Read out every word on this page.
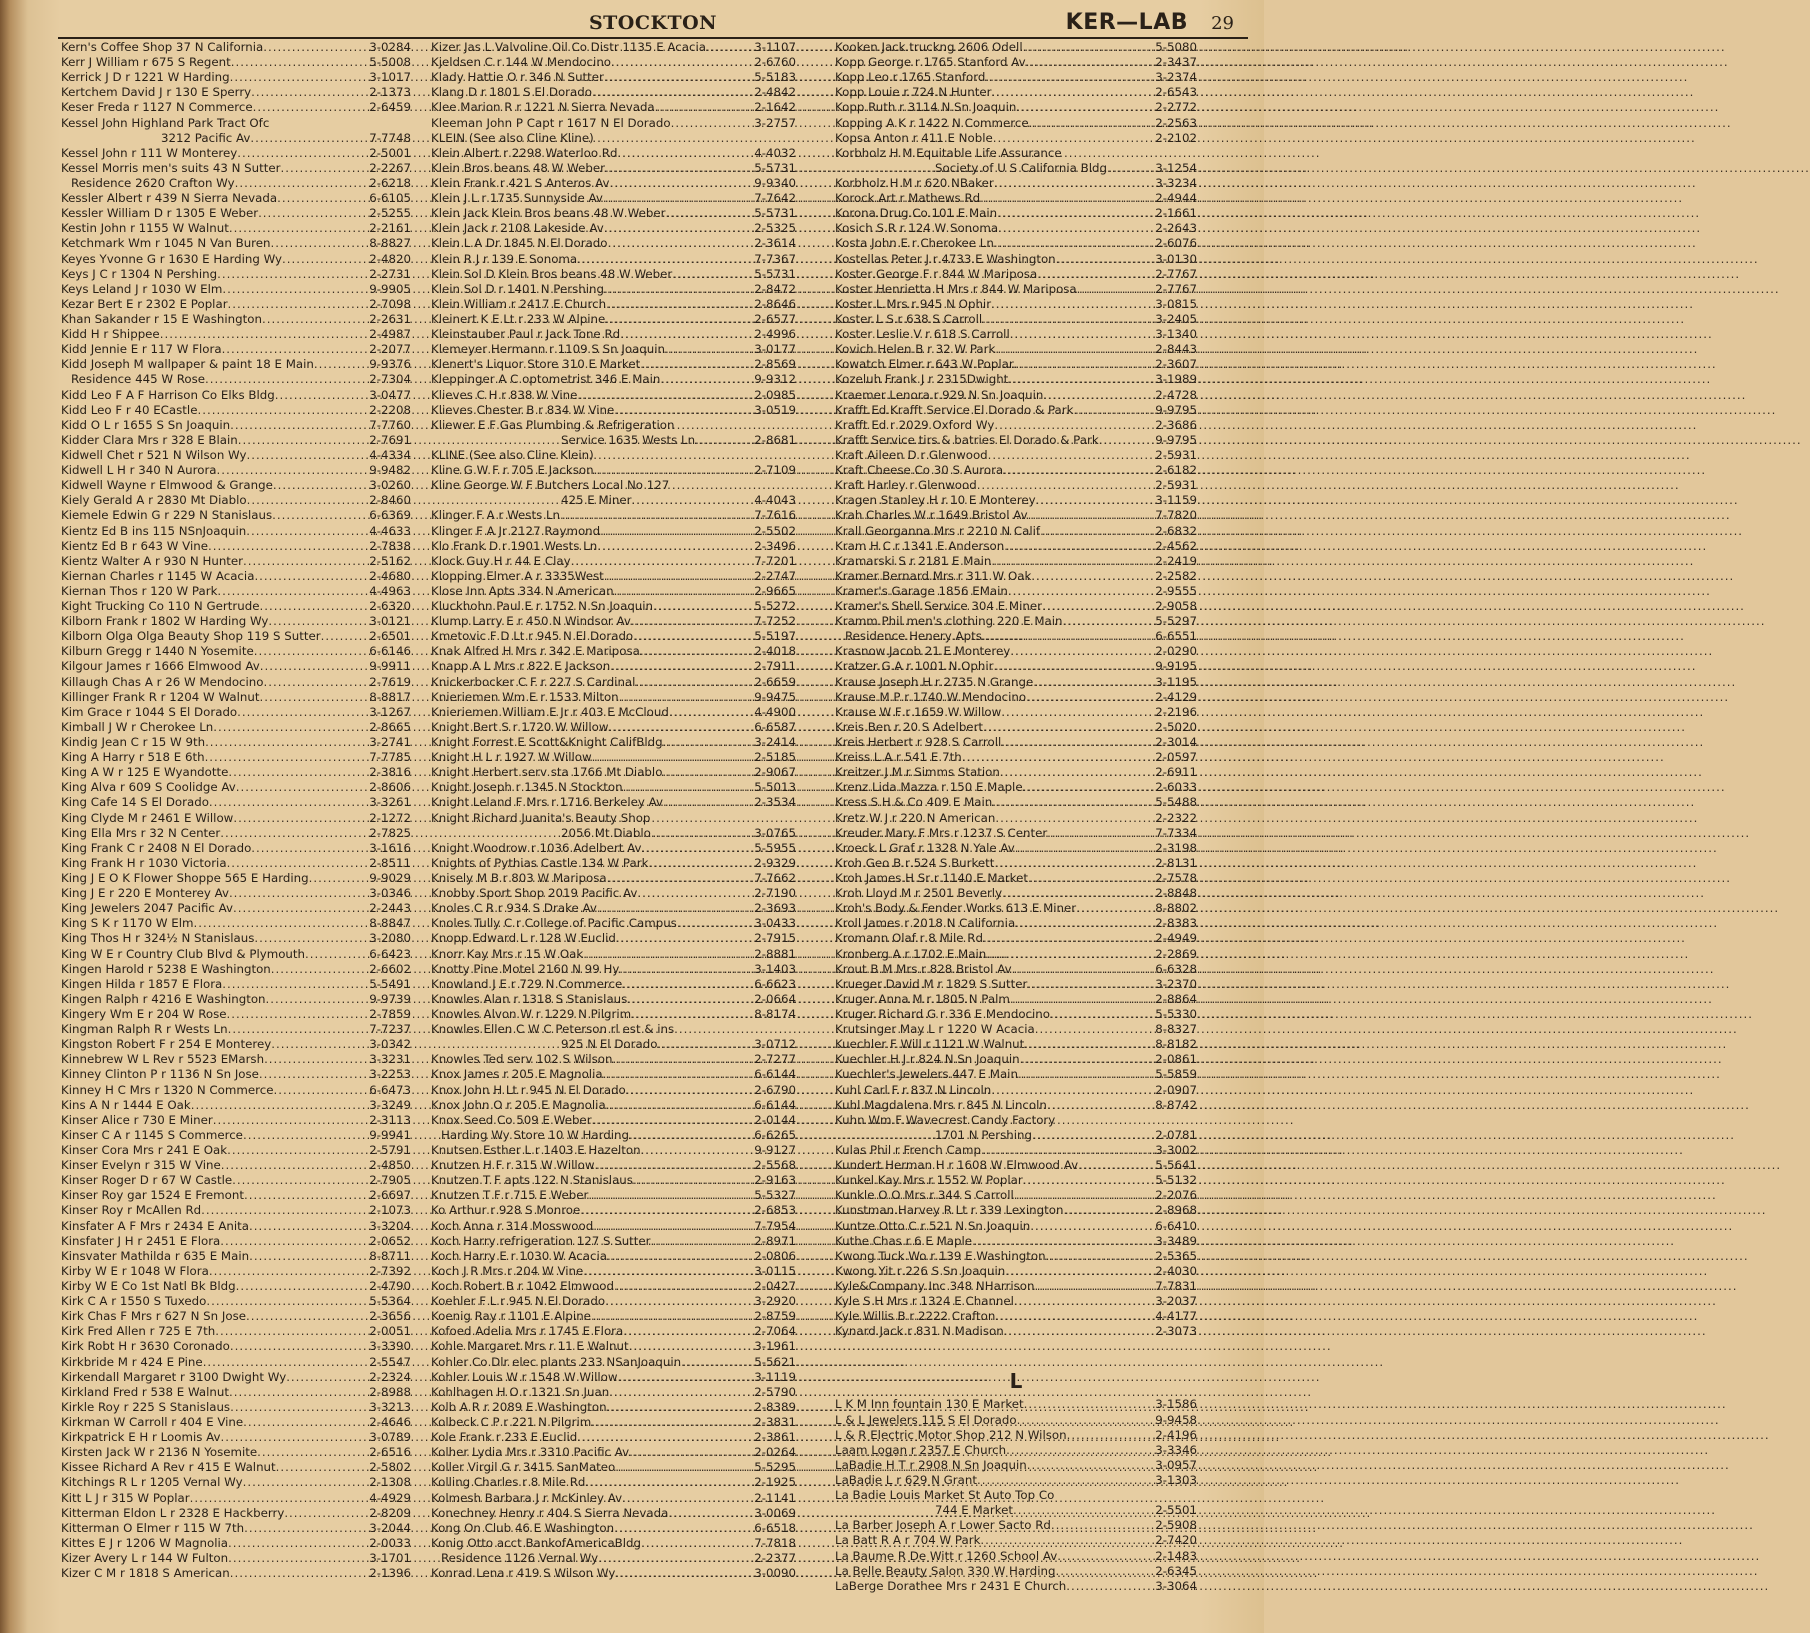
STOCKTON	KER—LAB 29
Kern's Coffee Shop 37 N California .....	3-0284
Kerr J William r 675 S Regent .....	5-5008
Kerrick J D r 1221 W Harding .....	3-1017
Kertchem David J r 130 E Sperry .....	2-1373
Keser Freda r 1127 N Commerce .....	2-6459
Kessel John Highland Park Tract Ofc
3212 Pacific Av .....	7-7748
Kessel John r 111 W Monterey .....	2-5001
Kessel Morris men's suits 43 N Sutter .....	2-2267
Residence 2620 Crafton Wy .....	2-6218
Kessler Albert r 439 N Sierra Nevada .....	6-6105
Kessler William D r 1305 E Weber .....	2-5255
Kestin John r 1155 W Walnut .....	2-2161
Ketchmark Wm r 1045 N Van Buren .....	8-8827
Keyes Yvonne G r 1630 E Harding Wy .....	2-4820
Keys J C r 1304 N Pershing .....	2-2731
Keys Leland J r 1030 W Elm .....	9-9905
Kezar Bert E r 2302 E Poplar .....	2-7098
Khan Sakander r 15 E Washington .....	2-2631
Kidd H r Shippee .....	2-4987
Kidd Jennie E r 117 W Flora .....	2-2077
Kidd Joseph M wallpaper & paint 18 E Main .....	9-9376
Residence 445 W Rose .....	2-7304
Kidd Leo F A F Harrison Co Elks Bldg .....	3-0477
Kidd Leo F r 40 ECastle .....	2-2208
Kidd O L r 1655 S Sn Joaquin .....	7-7760
Kidder Clara Mrs r 328 E Blain .....	2-7691
Kidwell Chet r 521 N Wilson Wy .....	4-4334
Kidwell L H r 340 N Aurora .....	9-9482
Kidwell Wayne r Elmwood & Grange .....	3-0260
Kiely Gerald A r 2830 Mt Diablo .....	2-8460
Kiemele Edwin G r 229 N Stanislaus .....	6-6369
Kientz Ed B ins 115 NSnJoaquin .....	4-4633
Kientz Ed B r 643 W Vine .....	2-7838
Kientz Walter A r 930 N Hunter .....	2-5162
Kiernan Charles r 1145 W Acacia .....	2-4680
Kiernan Thos r 120 W Park .....	4-4963
Kight Trucking Co 110 N Gertrude .....	2-6320
Kilborn Frank r 1802 W Harding Wy .....	3-0121
Kilborn Olga Olga Beauty Shop 119 S Sutter .....	2-6501
Kilburn Gregg r 1440 N Yosemite .....	6-6146
Kilgour James r 1666 Elmwood Av .....	9-9911
Killaugh Chas A r 26 W Mendocino .....	2-7619
Killinger Frank R r 1204 W Walnut .....	8-8817
Kim Grace r 1044 S El Dorado .....	3-1267
Kimball J W r Cherokee Ln .....	2-8665
Kindig Jean C r 15 W 9th .....	3-2741
King A Harry r 518 E 6th .....	7-7785
King A W r 125 E Wyandotte .....	2-3816
King Alva r 609 S Coolidge Av .....	2-8606
King Cafe 14 S El Dorado .....	3-3261
King Clyde M r 2461 E Willow .....	2-1272
King Ella Mrs r 32 N Center .....	2-7825
King Frank C r 2408 N El Dorado .....	3-1616
King Frank H r 1030 Victoria .....	2-8511
King J E O K Flower Shoppe 565 E Harding .....	9-9029
King J E r 220 E Monterey Av .....	3-0346
King Jewelers 2047 Pacific Av .....	2-2443
King S K r 1170 W Elm .....	8-8847
King Thos H r 324½ N Stanislaus .....	3-2080
King W E r Country Club Blvd & Plymouth .....	6-6423
Kingen Harold r 5238 E Washington .....	2-6602
Kingen Hilda r 1857 E Flora .....	5-5491
Kingen Ralph r 4216 E Washington .....	9-9739
Kingery Wm E r 204 W Rose .....	2-7859
Kingman Ralph R r Wests Ln .....	7-7237
Kingston Robert F r 254 E Monterey .....	3-0342
Kinnebrew W L Rev r 5523 EMarsh .....	3-3231
Kinney Clinton P r 1136 N Sn Jose .....	3-2253
Kinney H C Mrs r 1320 N Commerce .....	6-6473
Kins A N r 1444 E Oak .....	3-3249
Kinser Alice r 730 E Miner .....	2-3113
Kinser C A r 1145 S Commerce .....	9-9941
Kinser Cora Mrs r 241 E Oak .....	2-5791
Kinser Evelyn r 315 W Vine .....	2-4850
Kinser Roger D r 67 W Castle .....	2-7905
Kinser Roy gar 1524 E Fremont .....	2-6697
Kinser Roy r McAllen Rd .....	2-1073
Kinsfater A F Mrs r 2434 E Anita .....	3-3204
Kinsfater J H r 2451 E Flora .....	2-0652
Kinsvater Mathilda r 635 E Main .....	8-8711
Kirby W E r 1048 W Flora .....	2-7392
Kirby W E Co 1st Natl Bk Bldg .....	2-4790
Kirk C A r 1550 S Tuxedo .....	5-5364
Kirk Chas F Mrs r 627 N Sn Jose .....	2-3656
Kirk Fred Allen r 725 E 7th .....	2-0051
Kirk Robt H r 3630 Coronado .....	3-3390
Kirkbride M r 424 E Pine .....	2-5547
Kirkendall Margaret r 3100 Dwight Wy .....	2-2324
Kirkland Fred r 538 E Walnut .....	2-8988
Kirkle Roy r 225 S Stanislaus .....	3-3213
Kirkman W Carroll r 404 E Vine .....	2-4646
Kirkpatrick E H r Loomis Av .....	3-0789
Kirsten Jack W r 2136 N Yosemite .....	2-6516
Kissee Richard A Rev r 415 E Walnut .....	2-5802
Kitchings R L r 1205 Vernal Wy .....	2-1308
Kitt L J r 315 W Poplar .....	4-4929
Kitterman Eldon L r 2328 E Hackberry .....	2-8209
Kitterman O Elmer r 115 W 7th .....	3-2044
Kittes E J r 1206 W Magnolia .....	2-0033
Kizer Avery L r 144 W Fulton .....	3-1701
Kizer C M r 1818 S American .....	2-1396
Kizer Jas L Valvoline Oil Co Distr 1135 E Acacia .....	3-1107
Kjeldsen C r 144 W Mendocino .....	2-6760
Klady Hattie O r 346 N Sutter .....	5-5183
Klang D r 1801 S El Dorado .....	2-4842
Klee Marion R r 1221 N Sierra Nevada .....	2-1642
Kleeman John P Capt r 1617 N El Dorado .....	3-2757
KLEIN (See also Cline Kline)
Klein Albert r 2298 Waterloo Rd .....	4-4032
Klein Bros beans 48 W Weber .....	5-5731
Klein Frank r 421 S Anteros Av .....	9-9340
Klein J L r 1735 Sunnyside Av .....	7-7642
Klein Jack Klein Bros beans 48 W Weber .....	5-5731
Klein Jack r 2108 Lakeside Av .....	2-5325
Klein L A Dr 1845 N El Dorado .....	2-3614
Klein R J r 139 E Sonoma .....	7-7367
Klein Sol D Klein Bros beans 48 W Weber .....	5-5731
Klein Sol D r 1401 N Pershing .....	2-8472
Klein William r 2417 E Church .....	2-8646
Kleinert K E Lt r 233 W Alpine .....	2-6577
Kleinstauber Paul r Jack Tone Rd .....	2-4996
Klemeyer Hermann r 1109 S Sn Joaquin .....	3-0177
Klenert's Liquor Store 310 E Market .....	2-8569
Kleppinger A C optometrist 346 E Main .....	9-9312
Klieves C H r 838 W Vine .....	2-0985
Klieves Chester B r 834 W Vine .....	3-0519
Kliewer E F Gas Plumbing & Refrigeration
Service 1635 Wests Ln .....	2-8681
KLINE (See also Cline Klein)
Kline G W F r 705 E Jackson .....	2-7109
Kline George W F Butchers Local No 127
425 E Miner .....	4-4043
Klinger F A r Wests Ln .....	7-7616
Klinger F A Jr 2127 Raymond .....	2-5502
Klo Frank D r 1901 Wests Ln .....	2-3496
Klock Guy H r 44 E Clay .....	7-7201
Klopping Elmer A r 3335West .....	2-2747
Klose Inn Apts 334 N American .....	2-9665
Kluckhohn Paul E r 1752 N Sn Joaquin .....	5-5272
Klump Larry E r 450 N Windsor Av .....	7-7252
Kmetovic F D Lt r 945 N El Dorado .....	5-5197
Knak Alfred H Mrs r 342 E Mariposa .....	2-4018
Knapp A L Mrs r 822 E Jackson .....	2-7911
Knickerbocker C F r 227 S Cardinal .....	2-6659
Knieriemen Wm E r 1533 Milton .....	9-9475
Knieriemen William E Jr r 403 E McCloud .....	4-4900
Knight Bert S r 1720 W Willow .....	6-6587
Knight Forrest E Scott&Knight CalifBldg .....	3-2414
Knight H L r 1927 W Willow .....	2-5185
Knight Herbert serv sta 1766 Mt Diablo .....	2-9067
Knight Joseph r 1345 N Stockton .....	5-5013
Knight Leland F Mrs r 1716 Berkeley Av .....	2-3534
Knight Richard Juanita's Beauty Shop
2056 Mt Diablo .....	3-0765
Knight Woodrow r 1036 Adelbert Av .....	5-5955
Knights of Pythias Castle 134 W Park .....	2-9329
Knisely M B r 803 W Mariposa .....	7-7662
Knobby Sport Shop 2019 Pacific Av .....	2-7190
Knoles C R r 934 S Drake Av .....	2-3693
Knoles Tully C r College of Pacific Campus .....	3-0433
Knopp Edward L r 128 W Euclid .....	2-7915
Knorr Kay Mrs r 15 W Oak .....	2-8881
Knotty Pine Motel 2160 N 99 Hy .....	3-1403
Knowland J E r 729 N Commerce .....	6-6623
Knowles Alan r 1318 S Stanislaus .....	2-0664
Knowles Alvon W r 1229 N Pilgrim .....	8-8174
Knowles Ellen C W C Peterson rl est & ins
925 N El Dorado .....	3-0712
Knowles Ted serv 102 S Wilson .....	2-7277
Knox James r 205 E Magnolia .....	6-6144
Knox John H Lt r 945 N El Dorado .....	2-6790
Knox John O r 205 E Magnolia .....	6-6144
Knox Seed Co 509 E Weber .....	2-0144
Harding Wy Store 10 W Harding .....	6-6265
Knutsen Esther L r 1403 E Hazelton .....	9-9127
Knutzen H F r 315 W Willow .....	2-5568
Knutzen T F apts 122 N Stanislaus .....	2-9163
Knutzen T F r 715 E Weber .....	5-5327
Ko Arthur r 928 S Monroe .....	2-6853
Koch Anna r 314 Mosswood .....	7-7954
Koch Harry refrigeration 127 S Sutter .....	2-8971
Koch Harry E r 1030 W Acacia .....	2-0806
Koch J R Mrs r 204 W Vine .....	3-0115
Koch Robert B r 1042 Elmwood .....	2-0427
Koehler F L r 945 N El Dorado .....	3-2920
Koenig Ray r 1101 E Alpine .....	2-8759
Kofoed Adelia Mrs r 1745 E Flora .....	2-7064
Kohle Margaret Mrs r 11 E Walnut .....	3-1961
Kohler Co Dlr elec plants 233 NSanJoaquin .....	5-5621
Kohler Louis W r 1548 W Willow .....	3-1119
Kohlhagen H O r 1321 Sn Juan .....	2-5790
Kolb A R r 2089 E Washington .....	2-8389
Kolbeck C P r 221 N Pilgrim .....	2-3831
Kole Frank r 233 E Euclid .....	2-3861
Kolher Lydia Mrs r 3310 Pacific Av .....	2-0264
Koller Virgil G r 3415 SanMateo .....	5-5295
Kolling Charles r 8 Mile Rd .....	2-1925
Kolmesh Barbara J r McKinley Av .....	2-1141
Konechney Henry r 404 S Sierra Nevada .....	3-0069
Kong On Club 46 E Washington .....	6-6518
Konig Otto acct BankofAmericaBldg .....	7-7818
Residence 1126 Vernal Wy .....	2-2377
Konrad Lena r 419 S Wilson Wy .....	3-0090
Kooken Jack truckng 2606 Odell .....	5-5080
Kopp George r 1765 Stanford Av .....	2-3437
Kopp Leo r 1765 Stanford .....	3-2374
Kopp Louie r 724 N Hunter .....	2-6543
Kopp Ruth r 3114 N Sn Joaquin .....	2-2772
Kopping A K r 1422 N Commerce .....	2-2563
Kopsa Anton r 411 E Noble .....	2-2102
Korbholz H M Equitable Life Assurance
Society of U S California Bldg .....	3-1254
Korbholz H M r 620 NBaker .....	3-3234
Korock Art r Mathews Rd .....	2-4944
Korona Drug Co 101 E Main .....	2-1661
Kosich S R r 124 W Sonoma .....	2-2643
Kosta John E r Cherokee Ln .....	2-6076
Kostellas Peter J r 4733 E Washington .....	3-0130
Koster George F r 844 W Mariposa .....	2-7767
Koster Henrietta H Mrs r 844 W Mariposa .....	2-7767
Koster L Mrs r 945 N Ophir .....	3-0815
Koster L S r 638 S Carroll .....	3-2405
Koster Leslie V r 618 S Carroll .....	3-1340
Kovich Helen B r 32 W Park .....	2-8443
Kowatch Elmer r 643 W Poplar .....	2-3607
Kozeluh Frank J r 2315Dwight .....	3-1989
Kraemer Lenora r 929 N Sn Joaquin .....	2-4728
Krafft Ed Krafft Service El Dorado & Park .....	9-9795
Krafft Ed r 2029 Oxford Wy .....	2-3686
Krafft Service tirs & batries El Dorado & Park .....	9-9795
Kraft Aileen D r Glenwood .....	2-5931
Kraft Cheese Co 30 S Aurora .....	2-6182
Kraft Harley r Glenwood .....	2-5931
Kragen Stanley H r 10 E Monterey .....	3-1159
Krah Charles W r 1649 Bristol Av .....	7-7820
Krall Georganna Mrs r 2210 N Calif .....	2-6832
Kram H C r 1341 E Anderson .....	2-4562
Kramarski S r 2181 E Main .....	2-2419
Kramer Bernard Mrs r 311 W Oak .....	2-2582
Kramer's Garage 1856 EMain .....	2-9555
Kramer's Shell Service 304 E Miner .....	2-9058
Kramm Phil men's clothing 220 E Main .....	5-5297
Residence Henery Apts .....	6-6551
Krasnow Jacob 21 E Monterey .....	2-0290
Kratzer G A r 1001 N Ophir .....	9-9195
Krause Joseph H r 2735 N Grange .....	3-1195
Krause M P r 1740 W Mendocino .....	2-4129
Krause W F r 1659 W Willow .....	2-2196
Kreis Ben r 20 S Adelbert .....	2-5020
Kreis Herbert r 928 S Carroll .....	2-3014
Kreiss L A r 541 E 7th .....	2-0597
Kreitzer J M r Simms Station .....	2-6911
Krenz Lida Mazza r 150 E Maple .....	2-6033
Kress S H & Co 409 E Main .....	5-5488
Kretz W J r 220 N American .....	2-2322
Kreuder Mary F Mrs r 1237 S Center .....	7-7334
Kroeck L Graf r 1328 N Yale Av .....	2-3198
Kroh Geo B r 524 S Burkett .....	2-8131
Kroh James H Sr r 1140 E Market .....	2-7578
Kroh Lloyd M r 2501 Beverly .....	2-8848
Kroh's Body & Fender Works 613 E Miner .....	8-8802
Kroll James r 2018 N California .....	2-8383
Kromann Olaf r 8 Mile Rd .....	2-4949
Kronberg A r 1702 E Main .....	2-2869
Krout B M Mrs r 828 Bristol Av .....	6-6328
Krueger David M r 1829 S Sutter .....	3-2370
Kruger Anna M r 1805 N Palm .....	2-8864
Kruger Richard G r 336 E Mendocino .....	5-5330
Krutsinger May L r 1220 W Acacia .....	8-8327
Kuechler F Will r 1121 W Walnut .....	8-8182
Kuechler H J r 824 N Sn Joaquin .....	2-0861
Kuechler's Jewelers 447 E Main .....	5-5859
Kuhl Carl F r 837 N Lincoln .....	2-0907
Kuhl Magdalena Mrs r 845 N Lincoln .....	8-8742
Kuhn Wm F Wavecrest Candy Factory
1701 N Pershing .....	2-0781
Kulas Phil r French Camp .....	3-3002
Kundert Herman H r 1608 W Elmwood Av .....	5-5641
Kunkel Kay Mrs r 1552 W Poplar .....	5-5132
Kunkle O O Mrs r 344 S Carroll .....	2-2076
Kunstman Harvey R Lt r 339 Lexington .....	2-8968
Kuntze Otto C r 521 N Sn Joaquin .....	6-6410
Kuthe Chas r 6 E Maple .....	3-3489
Kwong Tuck Wo r 139 E Washington .....	2-5365
Kwong Yit r 226 S Sn Joaquin .....	2-4030
Kyle&Company Inc 348 NHarrison .....	7-7831
Kyle S H Mrs r 1324 E Channel .....	3-2037
Kyle Willis B r 2222 Crafton .....	4-4177
Kynard Jack r 831 N Madison .....	2-3073
L
L K M Inn fountain 130 E Market .....	3-1586
L & L Jewelers 115 S El Dorado .....	9-9458
L & R Electric Motor Shop 212 N Wilson .....	2-4196
Laam Logan r 2357 E Church .....	3-3346
LaBadie H T r 2908 N Sn Joaquin .....	3-0957
LaBadie L r 629 N Grant .....	3-1303
La Badie Louis Market St Auto Top Co
744 E Market .....	2-5501
La Barber Joseph A r Lower Sacto Rd .....	2-5908
La Batt R A r 704 W Park .....	2-7420
La Baume R De Witt r 1260 School Av .....	2-1483
La Belle Beauty Salon 330 W Harding .....	2-6345
LaBerge Dorathee Mrs r 2431 E Church .....	3-3064
